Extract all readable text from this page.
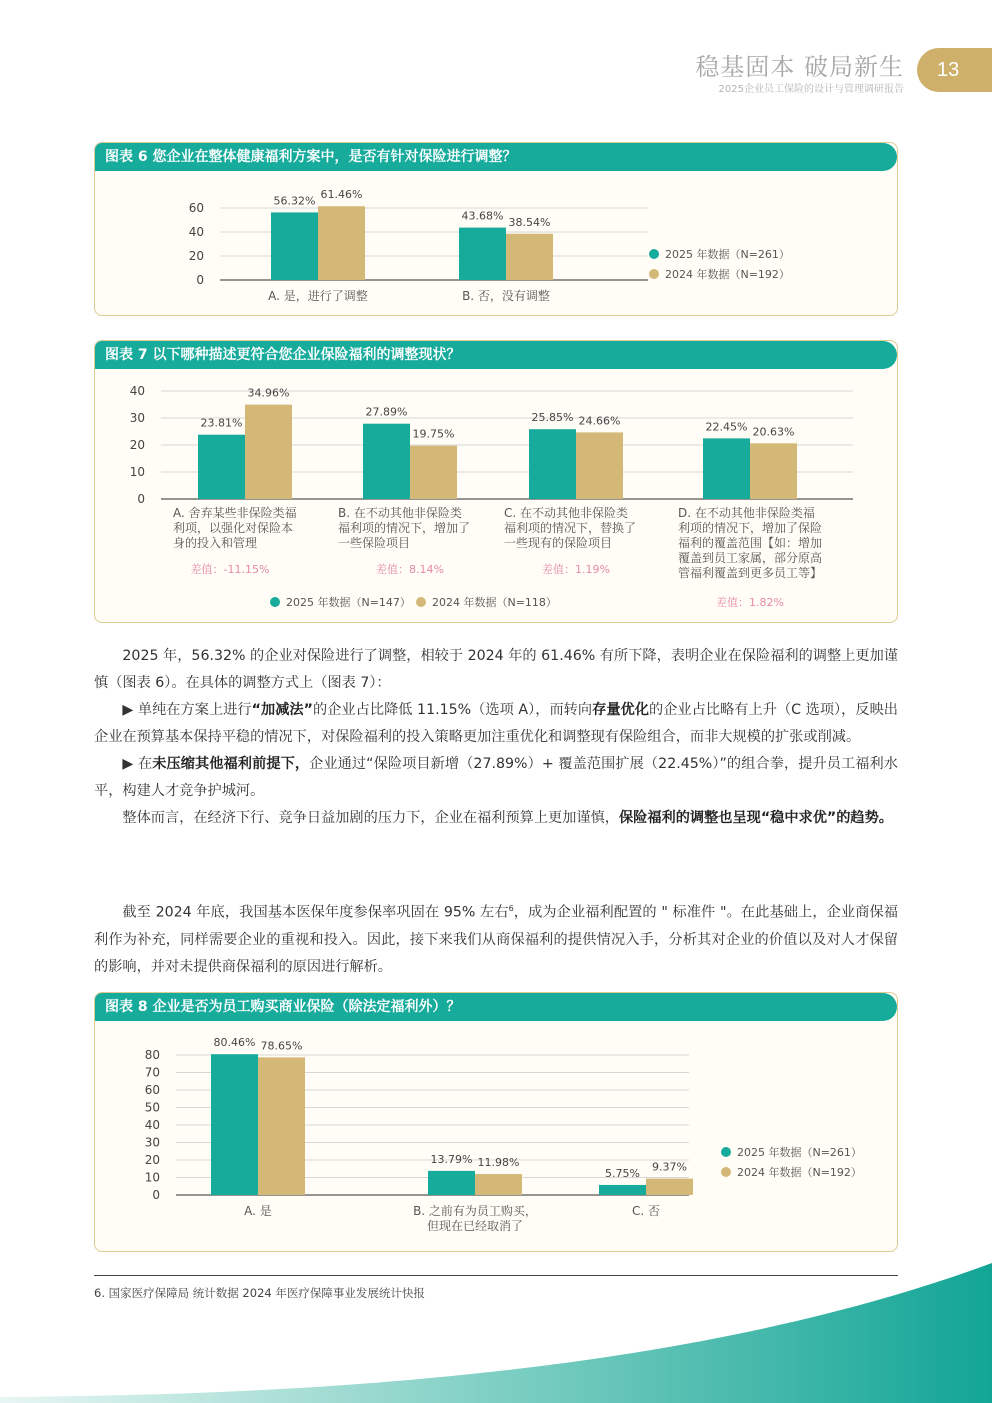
稳基固本 破局新生
2025企业员工保险的设计与管理调研报告
13
图表 6 您企业在整体健康福利方案中，是否有针对保险进行调整？
60
40
20
0
56.32% 61.46%
A. 是，进行了调整
43.68% 38.54%
B. 否，没有调整
2025 年数据（N=261）
2024 年数据（N=192）
图表 7 以下哪种描述更符合您企业保险福利的调整现状？
40
30
20
10
0
23.81%
34.96%
A. 舍弃某些非保险类福
利项，以强化对保险本
身的投入和管理
差值：-11.15%
27.89%
19.75%
B. 在不动其他非保险类
福利项的情况下，增加了
一些保险项目
差值：8.14%
25.85% 24.66%
C. 在不动其他非保险类
福利项的情况下，替换了
一些现有的保险项目
差值：1.19%
22.45% 20.63%
D. 在不动其他非保险类福
利项的情况下，增加了保险
福利的覆盖范围【如：增加
覆盖到员工家属，部分原高
管福利覆盖到更多员工等】
差值：1.82%
2025 年数据（N=147） 2024 年数据（N=118）

2025 年，56.32% 的企业对保险进行了调整，相较于 2024 年的 61.46% 有所下降，表明企业在保险福利的调整上更加谨慎（图表 6）。在具体的调整方式上（图表 7）：

▶ 单纯在方案上进行“加减法”的企业占比降低 11.15%（选项 A），而转向存量优化的企业占比略有上升（C 选项），反映出企业在预算基本保持平稳的情况下，对保险福利的投入策略更加注重优化和调整现有保险组合，而非大规模的扩张或削减。

▶ 在未压缩其他福利前提下，企业通过“保险项目新增（27.89%）+ 覆盖范围扩展（22.45%）”的组合拳，提升员工福利水平，构建人才竞争护城河。

整体而言，在经济下行、竞争日益加剧的压力下，企业在福利预算上更加谨慎，保险福利的调整也呈现“稳中求优”的趋势。

截至 2024 年底，我国基本医保年度参保率巩固在 95% 左右$^6$，成为企业福利配置的 " 标准件 "。在此基础上，企业商保福利作为补充，同样需要企业的重视和投入。因此，接下来我们从商保福利的提供情况入手，分析其对企业的价值以及对人才保留的影响，并对未提供商保福利的原因进行解析。

图表 8 企业是否为员工购买商业保险（除法定福利外）？
80
70
60
50
40
30
20
10
0
80.46% 78.65%
A. 是
13.79% 11.98%
B. 之前有为员工购买，
但现在已经取消了
5.75% 9.37%
C. 否
2025 年数据（N=261）
2024 年数据（N=192）
6. 国家医疗保障局 统计数据 2024 年医疗保障事业发展统计快报
